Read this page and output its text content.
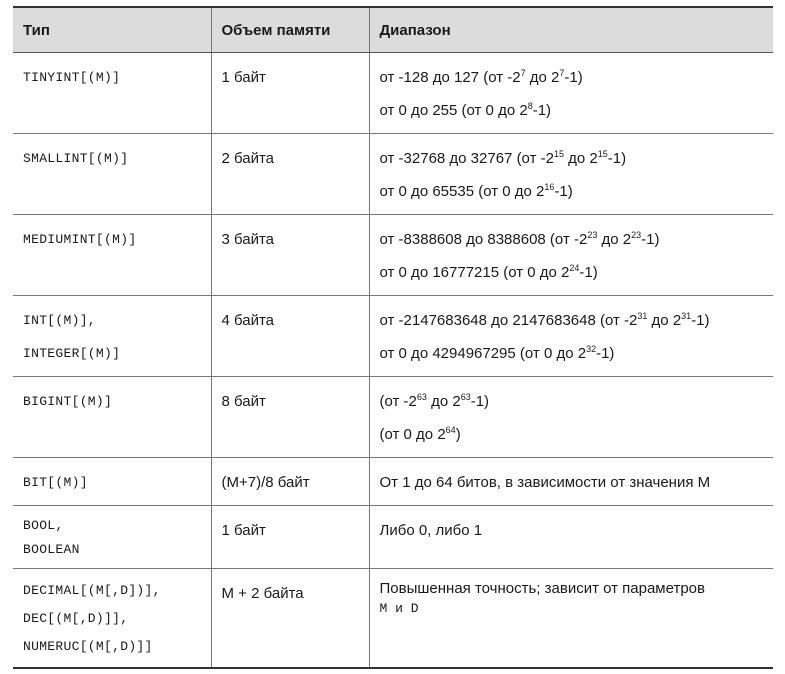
Тип	Объем памяти	Диапазон

TINYINT[(M)]	1 байт	от -128 до 127 (от $-2^7$ до $2^7-1$)
от 0 до 255 (от 0 до $2^8-1$)

SMALLINT[(M)]	2 байта	от -32768 до 32767 (от $-2^{15}$ до $2^{15}-1$)
от 0 до 65535 (от 0 до $2^{16}-1$)

MEDIUMINT[(M)]	3 байта	от -8388608 до 8388608 (от $-2^{23}$ до $2^{23}-1$)
от 0 до 16777215 (от 0 до $2^{24}-1$)

INT[(M)],
INTEGER[(M)]	4 байта	от -2147683648 до 2147683648 (от $-2^{31}$ до $2^{31}-1$)
от 0 до 4294967295 (от 0 до $2^{32}-1$)

BIGINT[(M)]	8 байт	(от $-2^{63}$ до $2^{63}-1$)
(от 0 до $2^{64}$)

BIT[(M)]	(M+7)/8 байт	От 1 до 64 битов, в зависимости от значения M

BOOL,
BOOLEAN	1 байт	Либо 0, либо 1

DECIMAL[(M[,D])],
DEC[(M[,D)]],
NUMERUC[(M[,D)]]	M + 2 байта	Повышенная точность; зависит от параметров
M и D
